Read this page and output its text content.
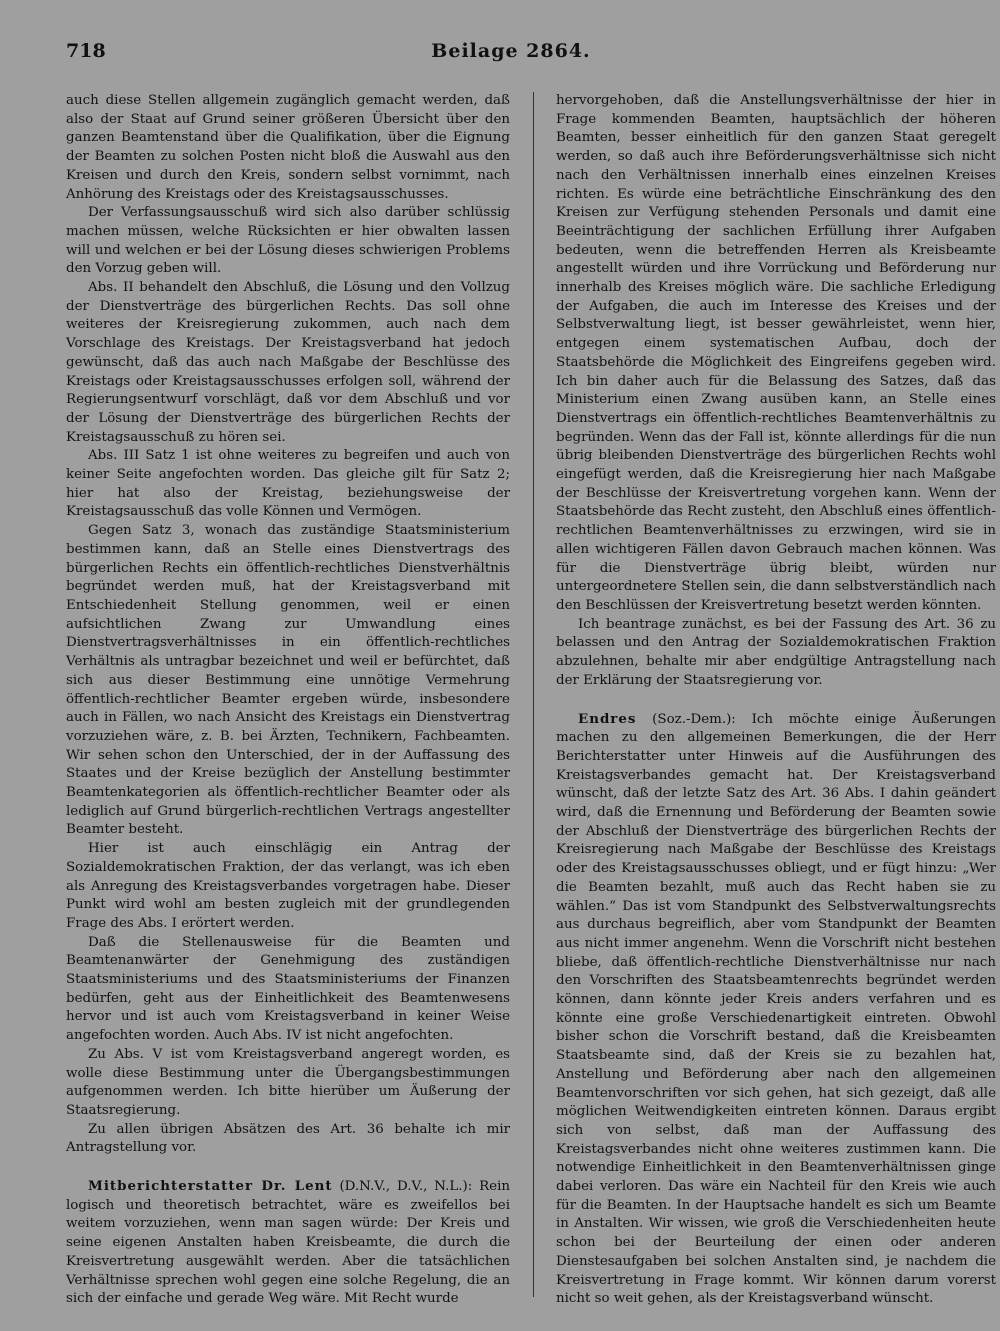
718	Beilage 2864.

auch diese Stellen allgemein zugänglich gemacht werden, daß also der Staat auf Grund seiner größeren Übersicht über den ganzen Beamtenstand über die Qualifikation, über die Eignung der Beamten zu solchen Posten nicht bloß die Auswahl aus den Kreisen und durch den Kreis, sondern selbst vornimmt, nach Anhörung des Kreistags oder des Kreistagsausschusses.

Der Verfassungsausschuß wird sich also darüber schlüssig machen müssen, welche Rücksichten er hier obwalten lassen will und welchen er bei der Lösung dieses schwierigen Problems den Vorzug geben will.

Abs. II behandelt den Abschluß, die Lösung und den Vollzug der Dienstverträge des bürgerlichen Rechts. Das soll ohne weiteres der Kreisregierung zukommen, auch nach dem Vorschlage des Kreistags. Der Kreistagsverband hat jedoch gewünscht, daß das auch nach Maßgabe der Beschlüsse des Kreistags oder Kreistagsausschusses erfolgen soll, während der Regierungsentwurf vorschlägt, daß vor dem Abschluß und vor der Lösung der Dienstverträge des bürgerlichen Rechts der Kreistagsausschuß zu hören sei.

Abs. III Satz 1 ist ohne weiteres zu begreifen und auch von keiner Seite angefochten worden. Das gleiche gilt für Satz 2; hier hat also der Kreistag, beziehungsweise der Kreistagsausschuß das volle Können und Vermögen.

Gegen Satz 3, wonach das zuständige Staatsministerium bestimmen kann, daß an Stelle eines Dienstvertrags des bürgerlichen Rechts ein öffentlich-rechtliches Dienstverhältnis begründet werden muß, hat der Kreistagsverband mit Entschiedenheit Stellung genommen, weil er einen aufsichtlichen Zwang zur Umwandlung eines Dienstvertragsverhältnisses in ein öffentlich-rechtliches Verhältnis als untragbar bezeichnet und weil er befürchtet, daß sich aus dieser Bestimmung eine unnötige Vermehrung öffentlich-rechtlicher Beamter ergeben würde, insbesondere auch in Fällen, wo nach Ansicht des Kreistags ein Dienstvertrag vorzuziehen wäre, z. B. bei Ärzten, Technikern, Fachbeamten. Wir sehen schon den Unterschied, der in der Auffassung des Staates und der Kreise bezüglich der Anstellung bestimmter Beamtenkategorien als öffentlich-rechtlicher Beamter oder als lediglich auf Grund bürgerlich-rechtlichen Vertrags angestellter Beamter besteht.

Hier ist auch einschlägig ein Antrag der Sozialdemokratischen Fraktion, der das verlangt, was ich eben als Anregung des Kreistagsverbandes vorgetragen habe. Dieser Punkt wird wohl am besten zugleich mit der grundlegenden Frage des Abs. I erörtert werden.

Daß die Stellenausweise für die Beamten und Beamtenanwärter der Genehmigung des zuständigen Staatsministeriums und des Staatsministeriums der Finanzen bedürfen, geht aus der Einheitlichkeit des Beamtenwesens hervor und ist auch vom Kreistagsverband in keiner Weise angefochten worden. Auch Abs. IV ist nicht angefochten.

Zu Abs. V ist vom Kreistagsverband angeregt worden, es wolle diese Bestimmung unter die Übergangsbestimmungen aufgenommen werden. Ich bitte hierüber um Äußerung der Staatsregierung.

Zu allen übrigen Absätzen des Art. 36 behalte ich mir Antragstellung vor.

Mitberichterstatter Dr. Lent (D.N.V., D.V., N.L.): Rein logisch und theoretisch betrachtet, wäre es zweifellos bei weitem vorzuziehen, wenn man sagen würde: Der Kreis und seine eigenen Anstalten haben Kreisbeamte, die durch die Kreisvertretung ausgewählt werden. Aber die tatsächlichen Verhältnisse sprechen wohl gegen eine solche Regelung, die an sich der einfache und gerade Weg wäre. Mit Recht wurde

hervorgehoben, daß die Anstellungsverhältnisse der hier in Frage kommenden Beamten, hauptsächlich der höheren Beamten, besser einheitlich für den ganzen Staat geregelt werden, so daß auch ihre Beförderungsverhältnisse sich nicht nach den Verhältnissen innerhalb eines einzelnen Kreises richten. Es würde eine beträchtliche Einschränkung des den Kreisen zur Verfügung stehenden Personals und damit eine Beeinträchtigung der sachlichen Erfüllung ihrer Aufgaben bedeuten, wenn die betreffenden Herren als Kreisbeamte angestellt würden und ihre Vorrückung und Beförderung nur innerhalb des Kreises möglich wäre. Die sachliche Erledigung der Aufgaben, die auch im Interesse des Kreises und der Selbstverwaltung liegt, ist besser gewährleistet, wenn hier, entgegen einem systematischen Aufbau, doch der Staatsbehörde die Möglichkeit des Eingreifens gegeben wird. Ich bin daher auch für die Belassung des Satzes, daß das Ministerium einen Zwang ausüben kann, an Stelle eines Dienstvertrags ein öffentlich-rechtliches Beamtenverhältnis zu begründen. Wenn das der Fall ist, könnte allerdings für die nun übrig bleibenden Dienstverträge des bürgerlichen Rechts wohl eingefügt werden, daß die Kreisregierung hier nach Maßgabe der Beschlüsse der Kreisvertretung vorgehen kann. Wenn der Staatsbehörde das Recht zusteht, den Abschluß eines öffentlich-rechtlichen Beamtenverhältnisses zu erzwingen, wird sie in allen wichtigeren Fällen davon Gebrauch machen können. Was für die Dienstverträge übrig bleibt, würden nur untergeordnetere Stellen sein, die dann selbstverständlich nach den Beschlüssen der Kreisvertretung besetzt werden könnten.

Ich beantrage zunächst, es bei der Fassung des Art. 36 zu belassen und den Antrag der Sozialdemokratischen Fraktion abzulehnen, behalte mir aber endgültige Antragstellung nach der Erklärung der Staatsregierung vor.

Endres (Soz.-Dem.): Ich möchte einige Äußerungen machen zu den allgemeinen Bemerkungen, die der Herr Berichterstatter unter Hinweis auf die Ausführungen des Kreistagsverbandes gemacht hat. Der Kreistagsverband wünscht, daß der letzte Satz des Art. 36 Abs. I dahin geändert wird, daß die Ernennung und Beförderung der Beamten sowie der Abschluß der Dienstverträge des bürgerlichen Rechts der Kreisregierung nach Maßgabe der Beschlüsse des Kreistags oder des Kreistagsausschusses obliegt, und er fügt hinzu: „Wer die Beamten bezahlt, muß auch das Recht haben sie zu wählen.“ Das ist vom Standpunkt des Selbstverwaltungsrechts aus durchaus begreiflich, aber vom Standpunkt der Beamten aus nicht immer angenehm. Wenn die Vorschrift nicht bestehen bliebe, daß öffentlich-rechtliche Dienstverhältnisse nur nach den Vorschriften des Staatsbeamtenrechts begründet werden können, dann könnte jeder Kreis anders verfahren und es könnte eine große Verschiedenartigkeit eintreten. Obwohl bisher schon die Vorschrift bestand, daß die Kreisbeamten Staatsbeamte sind, daß der Kreis sie zu bezahlen hat, Anstellung und Beförderung aber nach den allgemeinen Beamtenvorschriften vor sich gehen, hat sich gezeigt, daß alle möglichen Weitwendigkeiten eintreten können. Daraus ergibt sich von selbst, daß man der Auffassung des Kreistagsverbandes nicht ohne weiteres zustimmen kann. Die notwendige Einheitlichkeit in den Beamtenverhältnissen ginge dabei verloren. Das wäre ein Nachteil für den Kreis wie auch für die Beamten. In der Hauptsache handelt es sich um Beamte in Anstalten. Wir wissen, wie groß die Verschiedenheiten heute schon bei der Beurteilung der einen oder anderen Dienstesaufgaben bei solchen Anstalten sind, je nachdem die Kreisvertretung in Frage kommt. Wir können darum vorerst nicht so weit gehen, als der Kreistagsverband wünscht.
